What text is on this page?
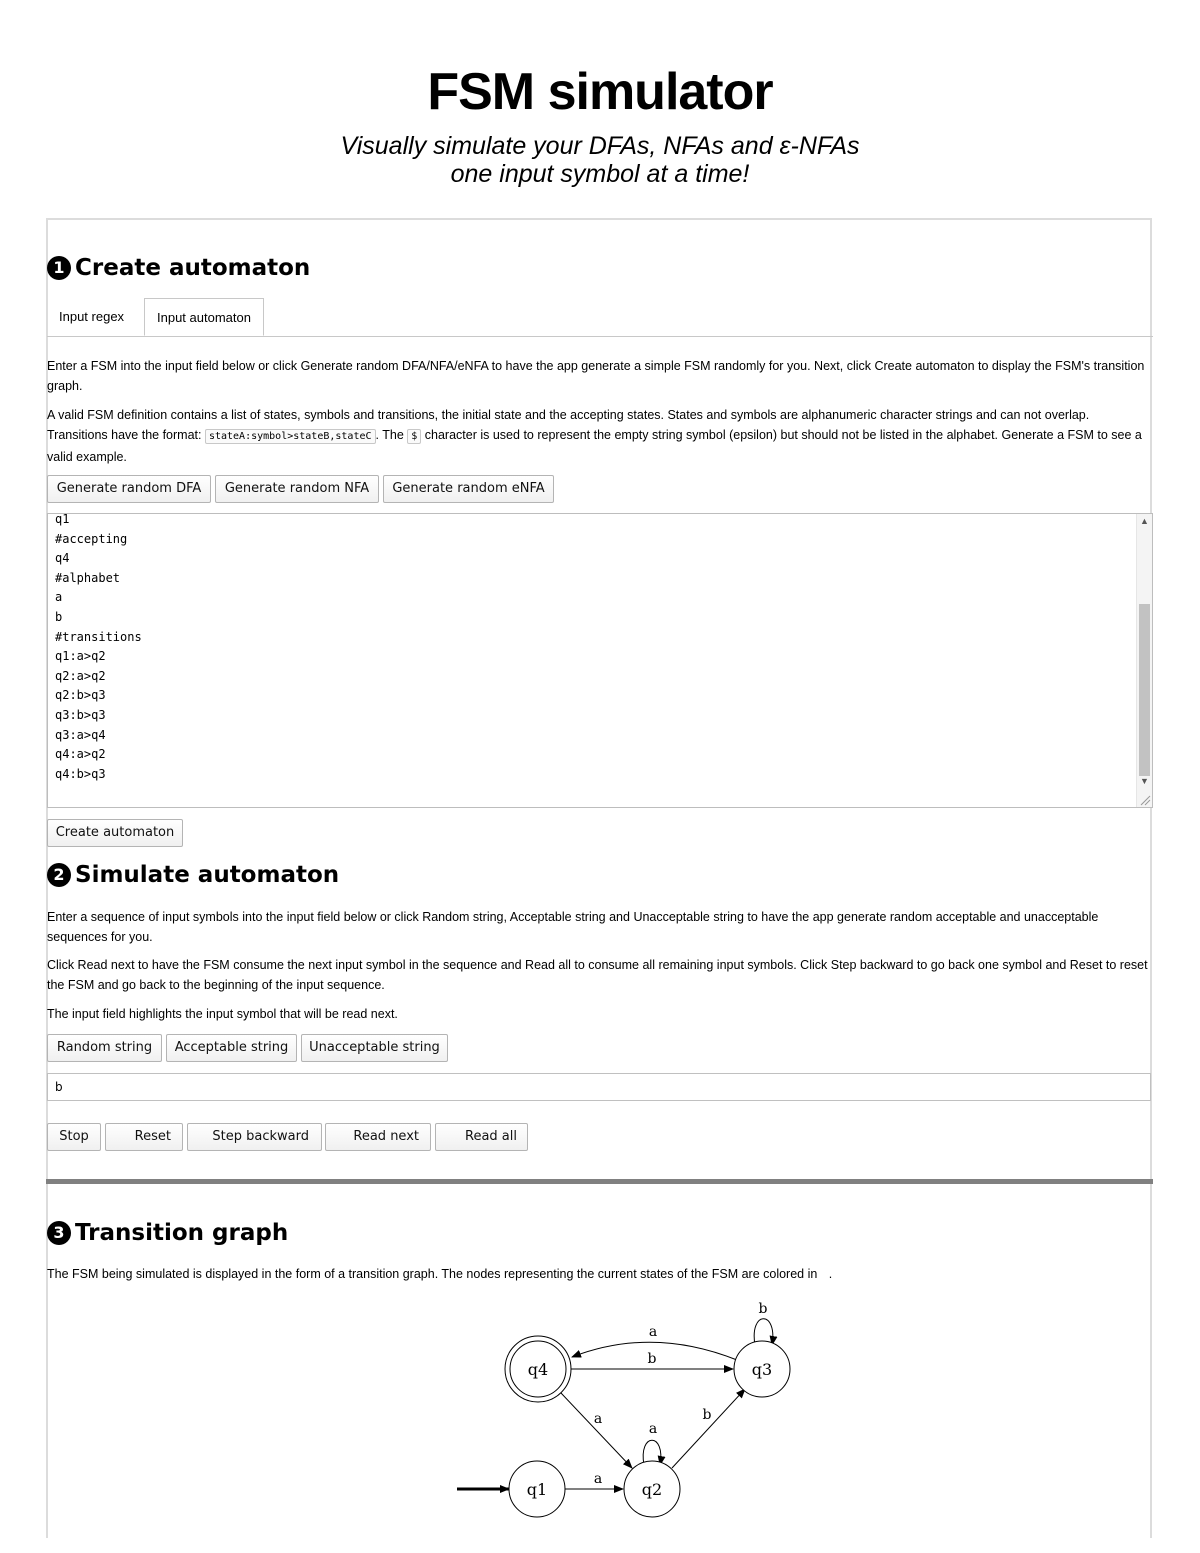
FSM simulator
Visually simulate your DFAs, NFAs and ε-NFAs
one input symbol at a time!
1 Create automaton
Input regex	Input automaton
Enter a FSM into the input field below or click Generate random DFA/NFA/eNFA to have the app generate a simple FSM randomly for you. Next, click Create automaton to display the FSM's transition graph.
A valid FSM definition contains a list of states, symbols and transitions, the initial state and the accepting states. States and symbols are alphanumeric character strings and can not overlap. Transitions have the format: stateA:symbol>stateB,stateC . The $ character is used to represent the empty string symbol (epsilon) but should not be listed in the alphabet. Generate a FSM to see a valid example.
Generate random DFA	Generate random NFA	Generate random eNFA
q1
#accepting
q4
#alphabet
a
b
#transitions
q1:a>q2
q2:a>q2
q2:b>q3
q3:b>q3
q3:a>q4
q4:a>q2
q4:b>q3
▲
▼
Create automaton
2 Simulate automaton
Enter a sequence of input symbols into the input field below or click Random string, Acceptable string and Unacceptable string to have the app generate random acceptable and unacceptable sequences for you.
Click Read next to have the FSM consume the next input symbol in the sequence and Read all to consume all remaining input symbols. Click Step backward to go back one symbol and Reset to reset the FSM and go back to the beginning of the input sequence.
The input field highlights the input symbol that will be read next.
Random string	Acceptable string	Unacceptable string
b
Stop	Reset	Step backward	Read next	Read all
3 Transition graph
The FSM being simulated is displayed in the form of a transition graph. The nodes representing the current states of the FSM are colored in .
q4	q3
q1	q2
a
b
a
b
a
a
b
